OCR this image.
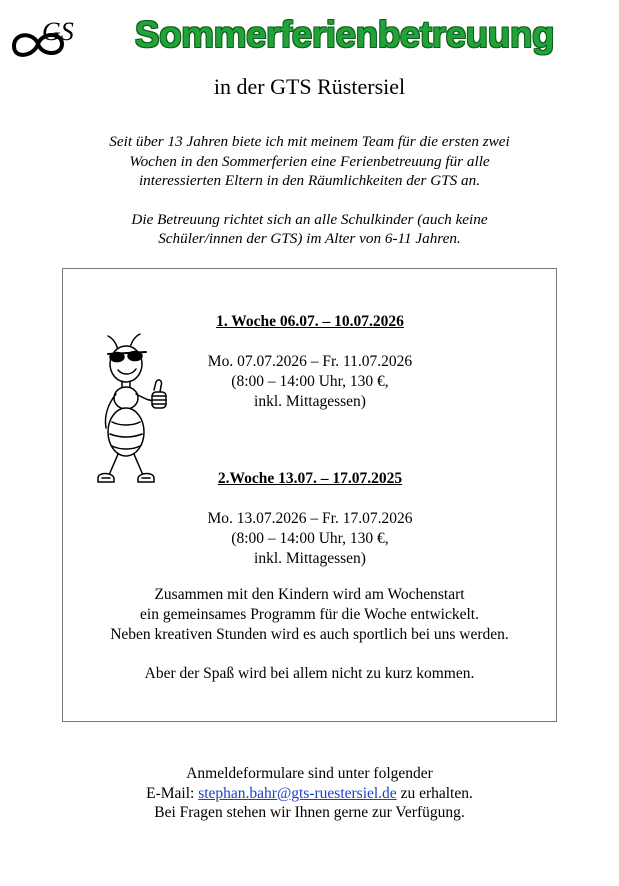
GS	Sommerferienbetreuung
in der GTS Rüstersiel

Seit über 13 Jahren biete ich mit meinem Team für die ersten zwei
Wochen in den Sommerferien eine Ferienbetreuung für alle
interessierten Eltern in den Räumlichkeiten der GTS an.

Die Betreuung richtet sich an alle Schulkinder (auch keine
Schüler/innen der GTS) im Alter von 6-11 Jahren.

1. Woche 06.07. – 10.07.2026

Mo. 07.07.2026 – Fr. 11.07.2026

(8:00 – 14:00 Uhr, 130 €,

inkl. Mittagessen)

2.Woche 13.07. – 17.07.2025

Mo. 13.07.2026 – Fr. 17.07.2026

(8:00 – 14:00 Uhr, 130 €,

inkl. Mittagessen)

Zusammen mit den Kindern wird am Wochenstart

ein gemeinsames Programm für die Woche entwickelt.

Neben kreativen Stunden wird es auch sportlich bei uns werden.

Aber der Spaß wird bei allem nicht zu kurz kommen.

Anmeldeformulare sind unter folgender

E-Mail: stephan.bahr@gts-ruestersiel.de zu erhalten.

Bei Fragen stehen wir Ihnen gerne zur Verfügung.
